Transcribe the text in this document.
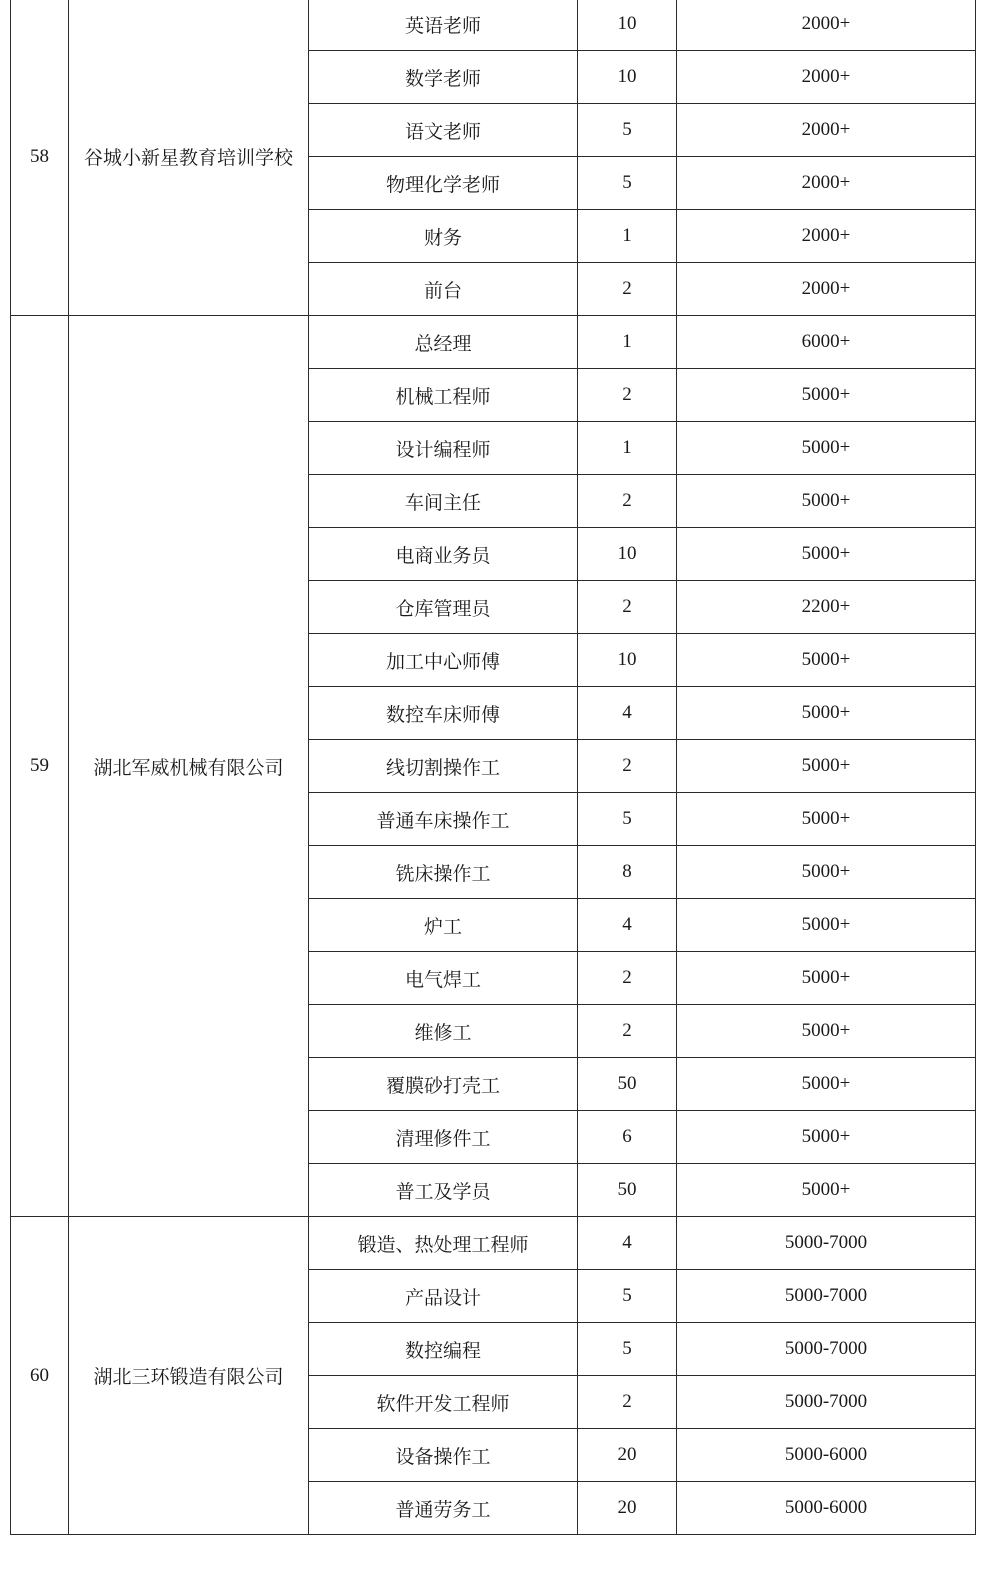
58	谷城小新星教育培训学校	英语老师	10	2000+
		数学老师	10	2000+
		语文老师	5	2000+
		物理化学老师	5	2000+
		财务	1	2000+
		前台	2	2000+
59	湖北军威机械有限公司	总经理	1	6000+
		机械工程师	2	5000+
		设计编程师	1	5000+
		车间主任	2	5000+
		电商业务员	10	5000+
		仓库管理员	2	2200+
		加工中心师傅	10	5000+
		数控车床师傅	4	5000+
		线切割操作工	2	5000+
		普通车床操作工	5	5000+
		铣床操作工	8	5000+
		炉工	4	5000+
		电气焊工	2	5000+
		维修工	2	5000+
		覆膜砂打壳工	50	5000+
		清理修件工	6	5000+
		普工及学员	50	5000+
60	湖北三环锻造有限公司	锻造、热处理工程师	4	5000-7000
		产品设计	5	5000-7000
		数控编程	5	5000-7000
		软件开发工程师	2	5000-7000
		设备操作工	20	5000-6000
		普通劳务工	20	5000-6000
